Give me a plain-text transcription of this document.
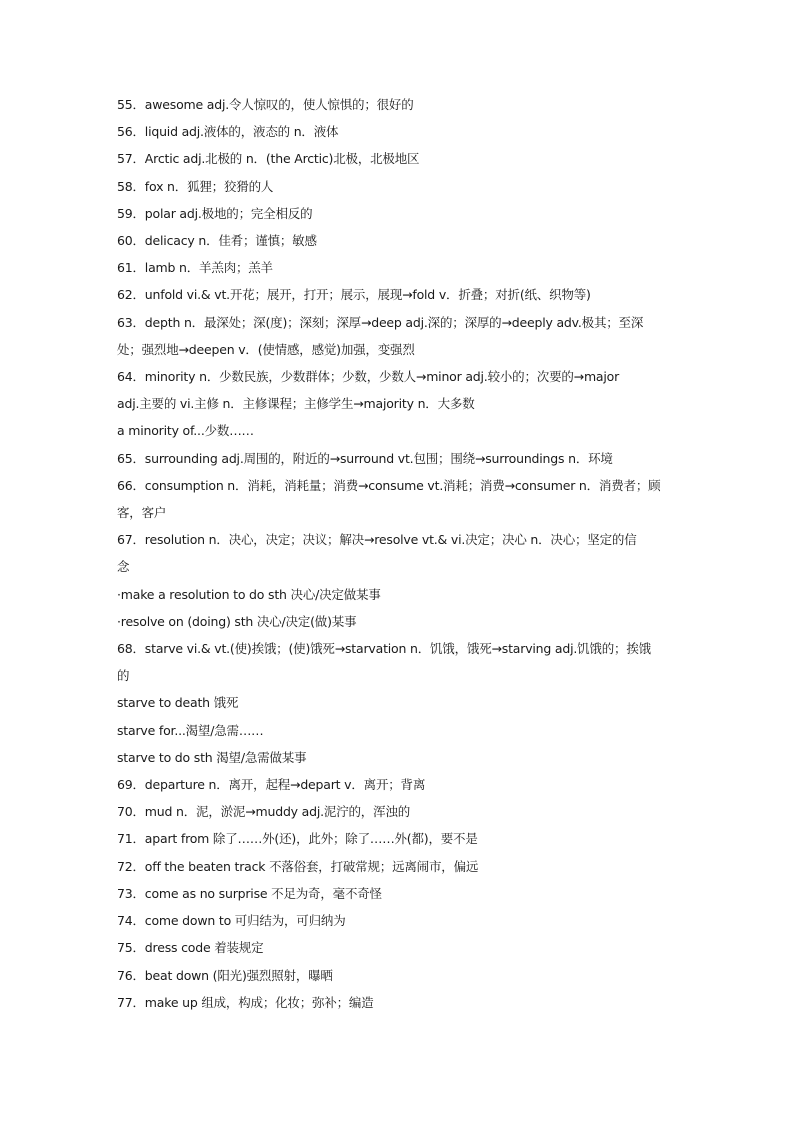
55．awesome adj.令人惊叹的，使人惊惧的；很好的
56．liquid adj.液体的，液态的 n．液体
57．Arctic adj.北极的 n．(the Arctic)北极，北极地区
58．fox n．狐狸；狡猾的人
59．polar adj.极地的；完全相反的
60．delicacy n．佳肴；谨慎；敏感
61．lamb n．羊羔肉；羔羊
62．unfold vi.& vt.开花；展开，打开；展示，展现→fold v．折叠；对折(纸、织物等)
63．depth n．最深处；深(度)；深刻；深厚→deep adj.深的；深厚的→deeply adv.极其；至深
处；强烈地→deepen v．(使情感，感觉)加强，变强烈
64．minority n．少数民族，少数群体；少数，少数人→minor adj.较小的；次要的→major
adj.主要的 vi.主修 n．主修课程；主修学生→majority n．大多数
a minority of...少数……
65．surrounding adj.周围的，附近的→surround vt.包围；围绕→surroundings n．环境
66．consumption n．消耗，消耗量；消费→consume vt.消耗；消费→consumer n．消费者；顾
客，客户
67．resolution n．决心，决定；决议；解决→resolve vt.& vi.决定；决心 n．决心；坚定的信
念
·make a resolution to do sth 决心/决定做某事
·resolve on (doing) sth 决心/决定(做)某事
68．starve vi.& vt.(使)挨饿；(使)饿死→starvation n．饥饿，饿死→starving adj.饥饿的；挨饿
的
starve to death 饿死
starve for...渴望/急需……
starve to do sth 渴望/急需做某事
69．departure n．离开，起程→depart v．离开；背离
70．mud n．泥，淤泥→muddy adj.泥泞的，浑浊的
71．apart from 除了……外(还)，此外；除了……外(都)，要不是
72．off the beaten track 不落俗套，打破常规；远离闹市，偏远
73．come as no surprise 不足为奇，毫不奇怪
74．come down to 可归结为，可归纳为
75．dress code 着装规定
76．beat down (阳光)强烈照射，曝晒
77．make up 组成，构成；化妆；弥补；编造
